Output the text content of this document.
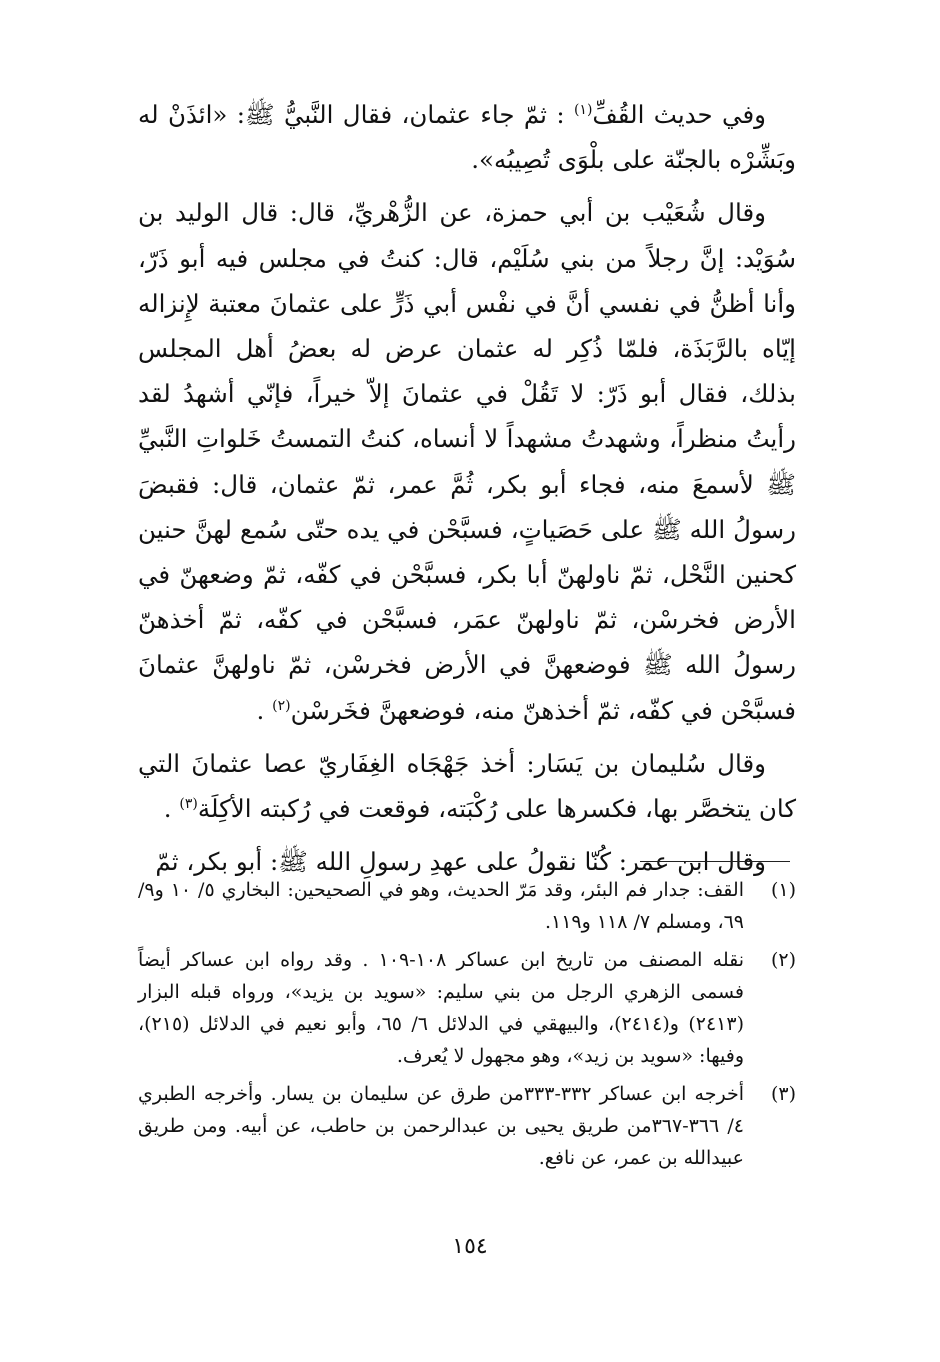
وفي حديث القُفِّ$^{(١)}$ : ثمّ جاء عثمان، فقال النَّبيُّ ﷺ: «ائذَنْ له وبَشِّرْه بالجنّة على بلْوَى تُصِيبُه».

وقال شُعَيْب بن أبي حمزة، عن الزُّهْريِّ، قال: قال الوليد بن سُوَيْد: إنَّ رجلاً من بني سُلَيْم، قال: كنتُ في مجلس فيه أبو ذَرّ، وأنا أظنُّ في نفسي أنَّ في نفْس أبي ذَرٍّ على عثمانَ معتبة لإِنزاله إيّاه بالرَّبَذَة، فلمّا ذُكِر له عثمان عرض له بعضُ أهل المجلس بذلك، فقال أبو ذَرّ: لا تَقُلْ في عثمانَ إلاّ خيراً، فإنّي أشهدُ لقد رأيتُ منظراً، وشهدتُ مشهداً لا أنساه، كنتُ التمستُ خَلواتِ النَّبيِّ ﷺ لأسمعَ منه، فجاء أبو بكر، ثُمَّ عمر، ثمّ عثمان، قال: فقبضَ رسولُ الله ﷺ على حَصَياتٍ، فسبَّحْن في يده حتّى سُمع لهنَّ حنين كحنين النَّحْل، ثمّ ناولهنّ أبا بكر، فسبَّحْن في كفّه، ثمّ وضعهنّ في الأرض فخرسْن، ثمّ ناولهنّ عمَر، فسبَّحْن في كفّه، ثمّ أخذهنّ رسولُ الله ﷺ فوضعهنَّ في الأرض فخرسْن، ثمّ ناولهنَّ عثمانَ فسبَّحْن في كفّه، ثمّ أخذهنّ منه، فوضعهنَّ فخَرسْن$^{(٢)}$ .

وقال سُليمان بن يَسَار: أخذ جَهْجَاه الغِفَاريّ عصا عثمانَ التي كان يتخصَّر بها، فكسرها على رُكْبَته، فوقعت في رُكبته الأكِلَة$^{(٣)}$ .

وقال ابن عمر: كُنّا نقولُ على عهدِ رسولِ الله ﷺ: أبو بكر، ثمّ

(١)
القف: جدار فم البئر، وقد مَرّ الحديث، وهو في الصحيحين: البخاري ٥/ ١٠ و٩/ ٦٩، ومسلم ٧/ ١١٨ و١١٩.
(٢)
نقله المصنف من تاريخ ابن عساكر ١٠٨-١٠٩ . وقد رواه ابن عساكر أيضاً فسمى الزهري الرجل من بني سليم: «سويد بن يزيد»، ورواه قبله البزار (٢٤١٣) و(٢٤١٤)، والبيهقي في الدلائل ٦/ ٦٥، وأبو نعيم في الدلائل (٢١٥)، وفيها: «سويد بن زيد»، وهو مجهول لا يُعرف.
(٣)
أخرجه ابن عساكر ٣٣٢-٣٣٣من طرق عن سليمان بن يسار. وأخرجه الطبري ٤/ ٣٦٦-٣٦٧من طريق يحيى بن عبدالرحمن بن حاطب، عن أبيه. ومن طريق عبيدالله بن عمر، عن نافع.
١٥٤
